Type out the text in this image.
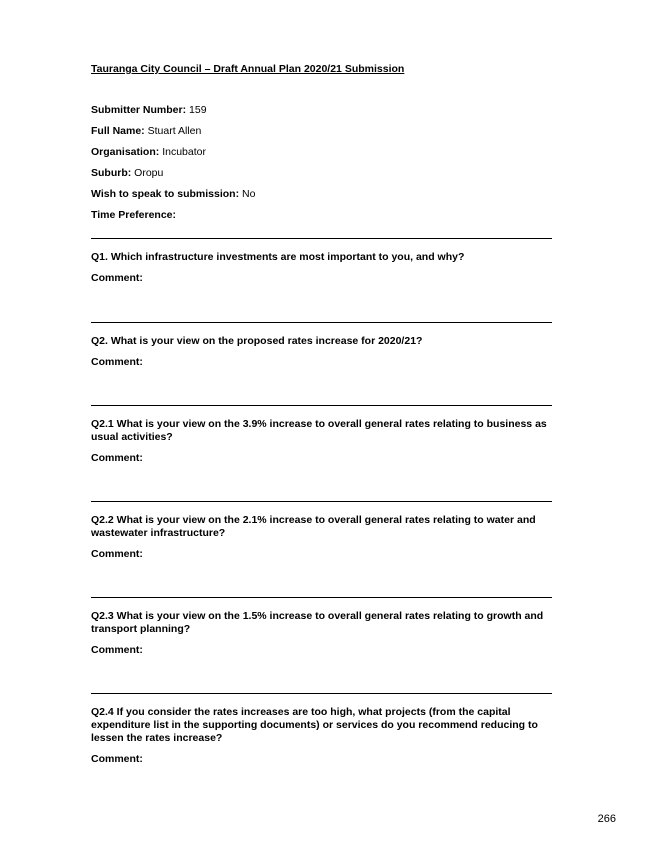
Tauranga City Council – Draft Annual Plan 2020/21 Submission
Submitter Number: 159
Full Name: Stuart Allen
Organisation: Incubator
Suburb: Oropu
Wish to speak to submission: No
Time Preference:
Q1. Which infrastructure investments are most important to you, and why?
Comment:
Q2. What is your view on the proposed rates increase for 2020/21?
Comment:
Q2.1 What is your view on the 3.9% increase to overall general rates relating to business as usual activities?
Comment:
Q2.2 What is your view on the 2.1% increase to overall general rates relating to water and wastewater infrastructure?
Comment:
Q2.3 What is your view on the 1.5% increase to overall general rates relating to growth and transport planning?
Comment:
Q2.4 If you consider the rates increases are too high, what projects (from the capital expenditure list in the supporting documents) or services do you recommend reducing to lessen the rates increase?
Comment:
266
